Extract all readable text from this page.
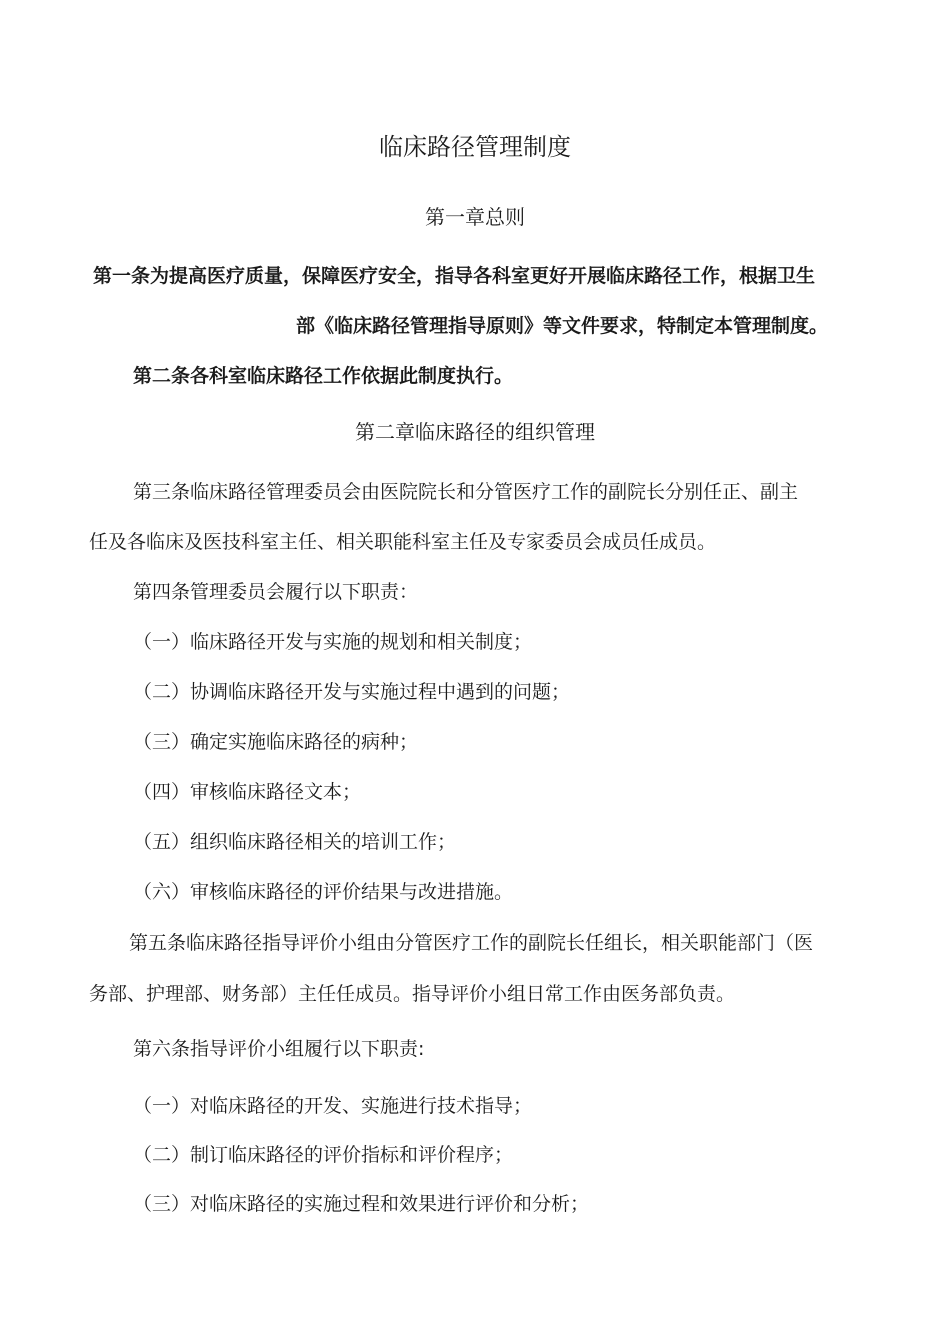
临床路径管理制度
第一章总则
第一条为提高医疗质量，保障医疗安全，指导各科室更好开展临床路径工作，根据卫生
部《临床路径管理指导原则》等文件要求，特制定本管理制度。
第二条各科室临床路径工作依据此制度执行。
第二章临床路径的组织管理
第三条临床路径管理委员会由医院院长和分管医疗工作的副院长分别任正、副主
任及各临床及医技科室主任、相关职能科室主任及专家委员会成员任成员。
第四条管理委员会履行以下职责：
（一）临床路径开发与实施的规划和相关制度；
（二）协调临床路径开发与实施过程中遇到的问题；
（三）确定实施临床路径的病种；
（四）审核临床路径文本；
（五）组织临床路径相关的培训工作；
（六）审核临床路径的评价结果与改进措施。
第五条临床路径指导评价小组由分管医疗工作的副院长任组长，相关职能部门（医
务部、护理部、财务部）主任任成员。指导评价小组日常工作由医务部负责。
第六条指导评价小组履行以下职责:
（一）对临床路径的开发、实施进行技术指导；
（二）制订临床路径的评价指标和评价程序；
（三）对临床路径的实施过程和效果进行评价和分析；
